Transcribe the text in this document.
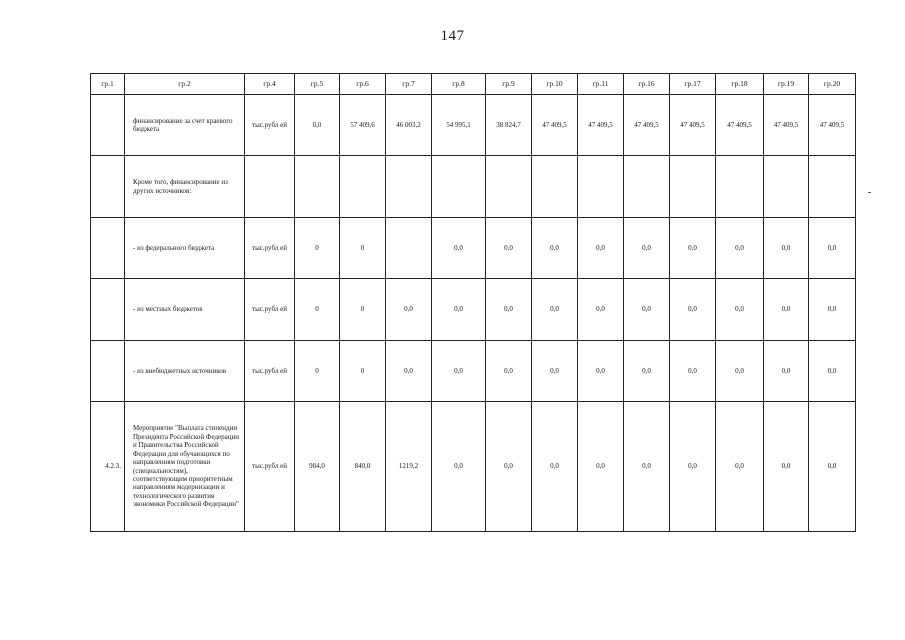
147
гр.1	гр.2	гр.4	гр.5	гр.6	гр.7	гр.8	гр.9	гр.10	гр.11	гр.16	гр.17	гр.18	гр.19	гр.20
	финансирование за счет краевого бюджета	тыс.рубл ей	0,0	57 409,6	46 003,2	54 995,1	38 824,7	47 409,5	47 409,5	47 409,5	47 409,5	47 409,5	47 409,5	47 409,5
	Кроме того, финансирование из других источников:													
	- из федерального бюджета	тыс.рубл ей	0	0		0,0	0,0	0,0	0,0	0,0	0,0	0,0	0,0	0,0
	- из местных бюджетов	тыс.рубл ей	0	0	0,0	0,0	0,0	0,0	0,0	0,0	0,0	0,0	0,0	0,0
	- из внебюджетных источников	тыс.рубл ей	0	0	0,0	0,0	0,0	0,0	0,0	0,0	0,0	0,0	0,0	0,0
4.2.3.	Мероприятие "Выплата стипендии Президента Российской Федерации и Правительства Российской Федерации для обучающихся по направлениям подготовки (специальностям), соответствующим приоритетным направлениям модернизации и технологического развития экономики Российской Федерации"	тыс.рубл ей	984,0	840,0	1219,2	0,0	0,0	0,0	0,0	0,0	0,0	0,0	0,0	0,0
